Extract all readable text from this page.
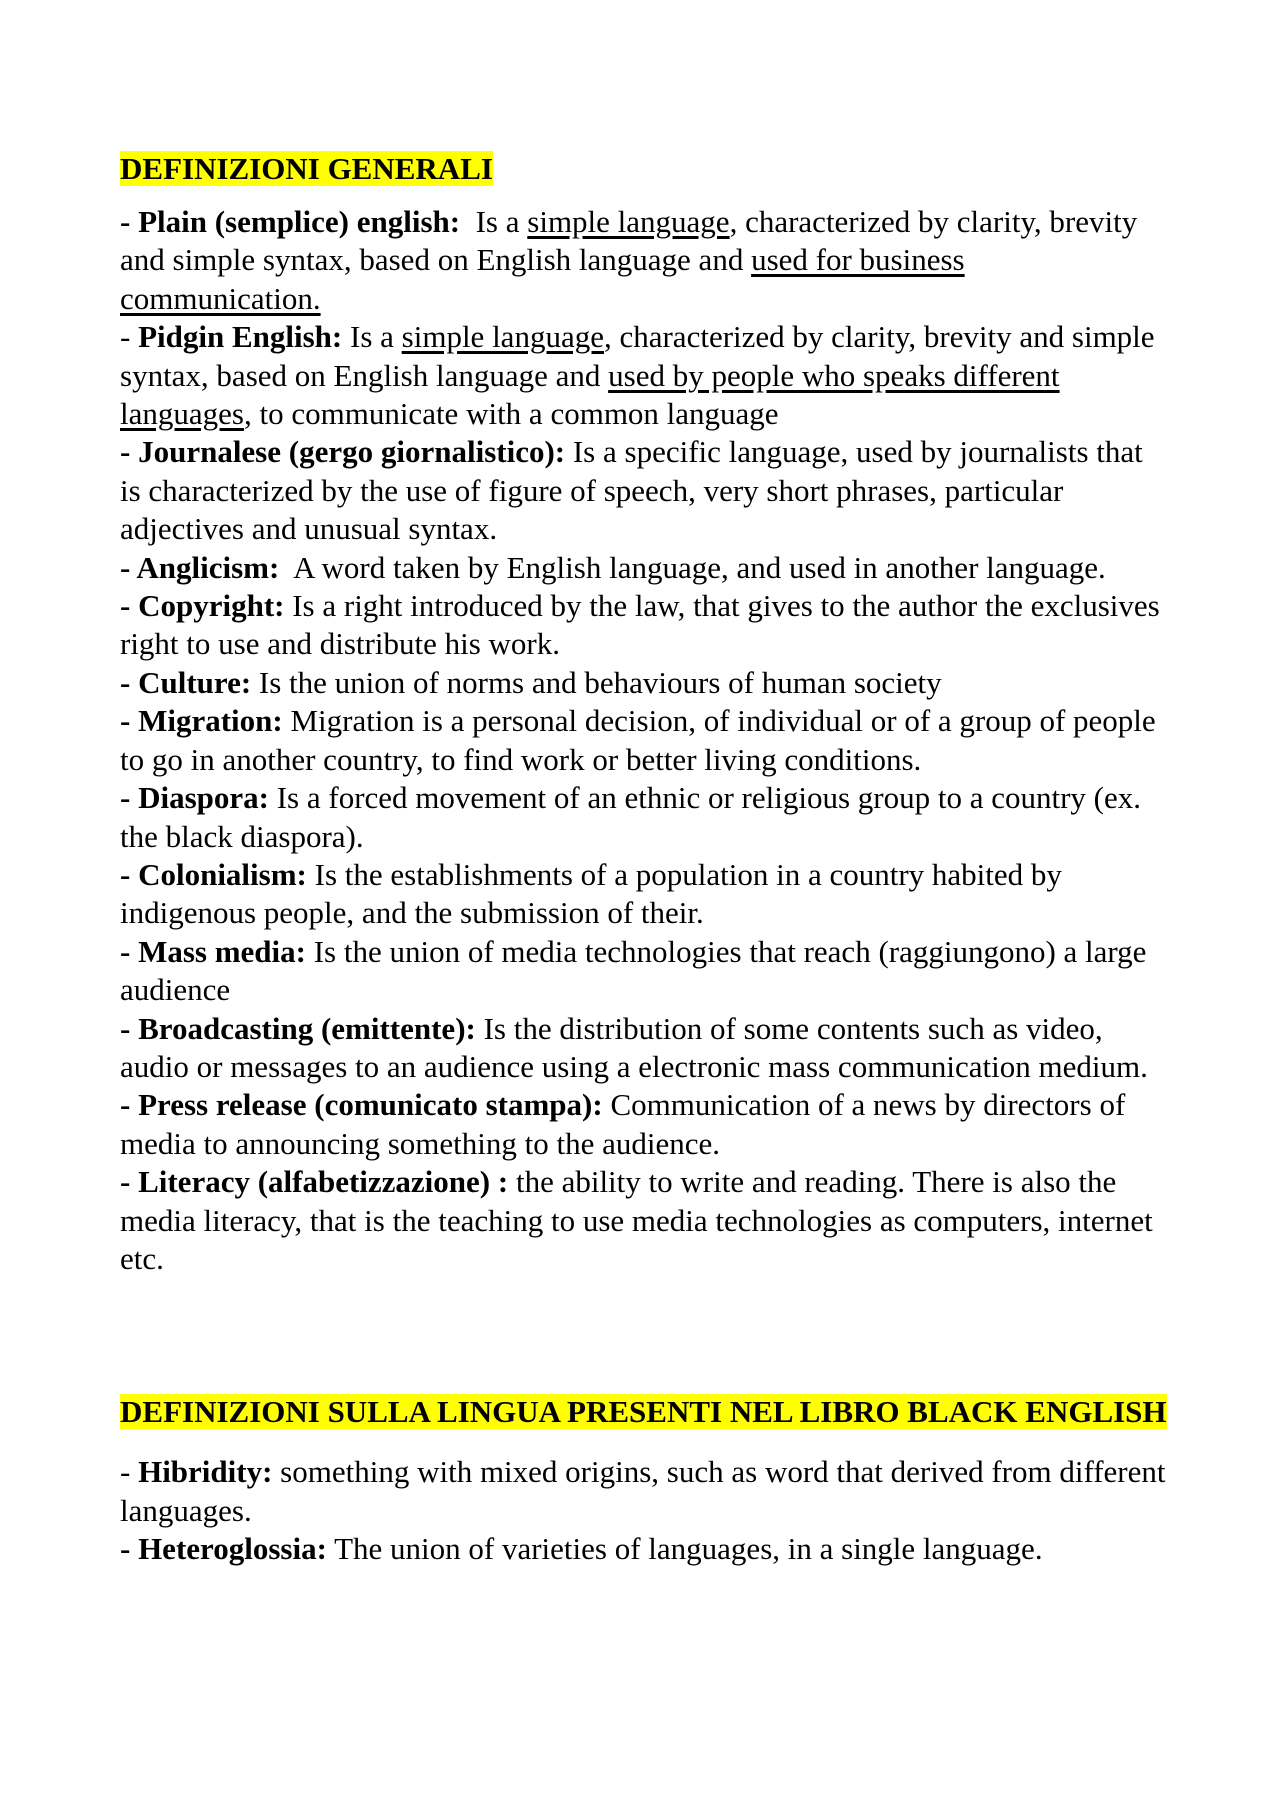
DEFINIZIONI GENERALI

- Plain (semplice) english:  Is a simple language, characterized by clarity, brevity and simple syntax, based on English language and used for business communication.

- Pidgin English: Is a simple language, characterized by clarity, brevity and simple syntax, based on English language and used by people who speaks different languages, to communicate with a common language

- Journalese (gergo giornalistico): Is a specific language, used by journalists that is characterized by the use of figure of speech, very short phrases, particular adjectives and unusual syntax.

- Anglicism:  A word taken by English language, and used in another language.

- Copyright: Is a right introduced by the law, that gives to the author the exclusives right to use and distribute his work.

- Culture: Is the union of norms and behaviours of human society

- Migration: Migration is a personal decision, of individual or of a group of people to go in another country, to find work or better living conditions.

- Diaspora: Is a forced movement of an ethnic or religious group to a country (ex. the black diaspora).

- Colonialism: Is the establishments of a population in a country habited by indigenous people, and the submission of their.

- Mass media: Is the union of media technologies that reach (raggiungono) a large audience

- Broadcasting (emittente): Is the distribution of some contents such as video, audio or messages to an audience using a electronic mass communication medium.

- Press release (comunicato stampa): Communication of a news by directors of media to announcing something to the audience.

- Literacy (alfabetizzazione) : the ability to write and reading. There is also the media literacy, that is the teaching to use media technologies as computers, internet etc.

DEFINIZIONI SULLA LINGUA PRESENTI NEL LIBRO BLACK ENGLISH

- Hibridity: something with mixed origins, such as word that derived from different languages.

- Heteroglossia: The union of varieties of languages, in a single language.
